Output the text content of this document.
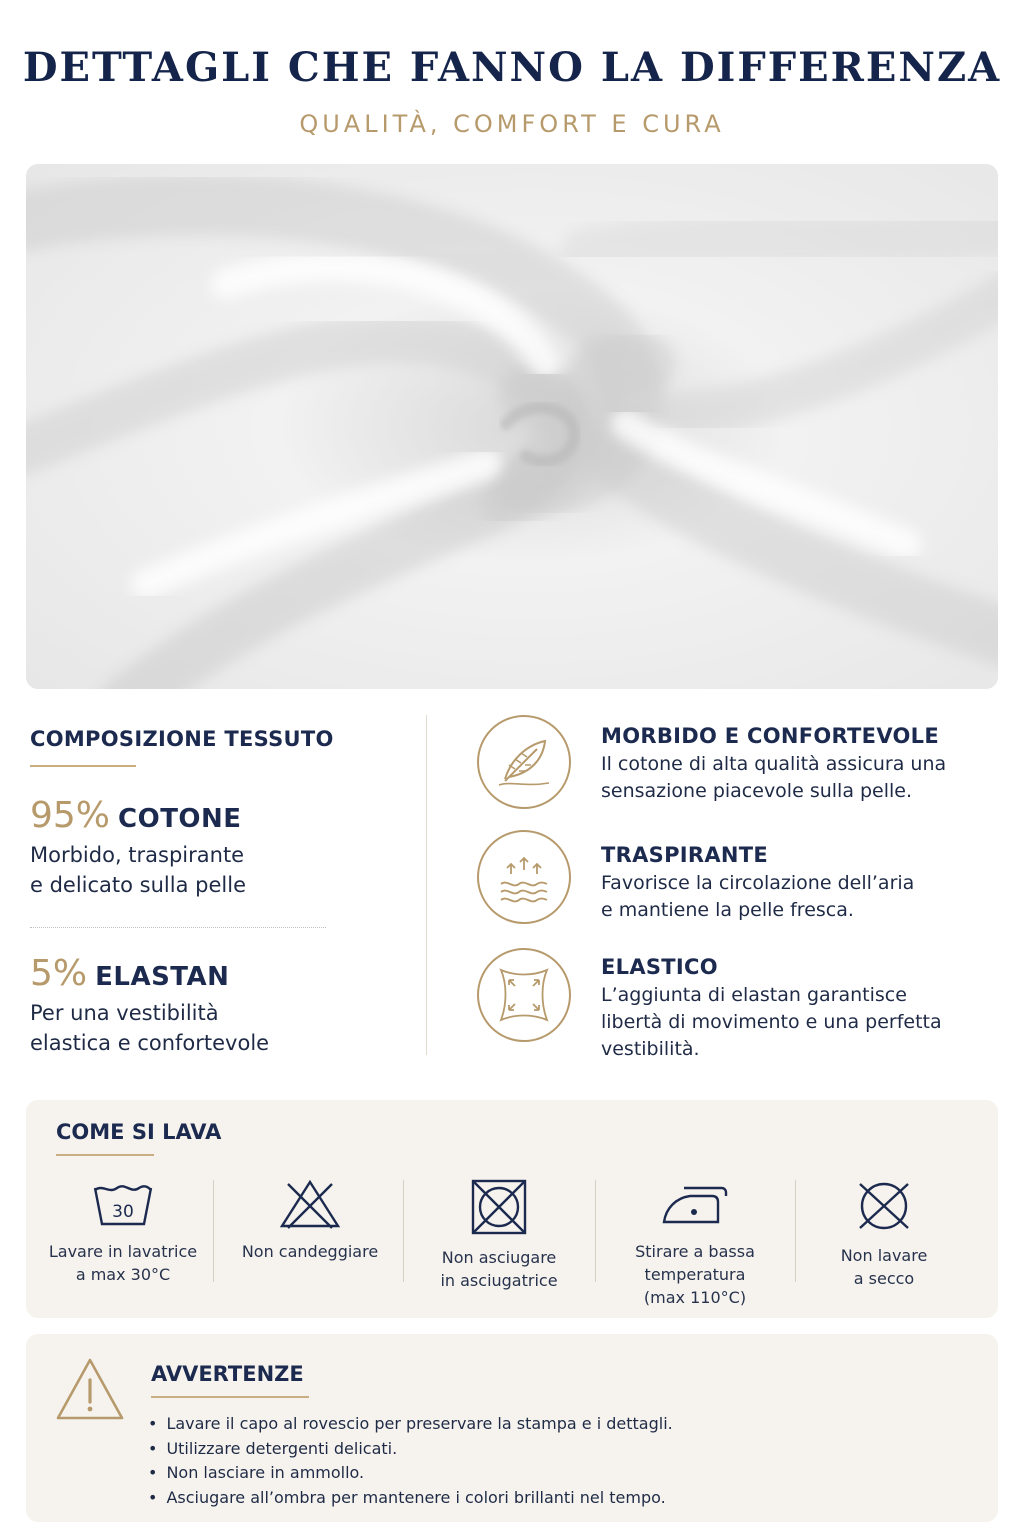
DETTAGLI CHE FANNO LA DIFFERENZA
QUALITÀ, COMFORT E CURA
COMPOSIZIONE TESSUTO
95% COTONE
Morbido, traspirante
e delicato sulla pelle
5% ELASTAN
Per una vestibilità
elastica e confortevole
MORBIDO E CONFORTEVOLE
Il cotone di alta qualità assicura una
sensazione piacevole sulla pelle.
TRASPIRANTE
Favorisce la circolazione dell’aria
e mantiene la pelle fresca.
ELASTICO
L’aggiunta di elastan garantisce
libertà di movimento e una perfetta
vestibilità.
COME SI LAVA
30
Lavare in lavatrice
a max 30°C
Non candeggiare	Non asciugare
in asciugatrice
Stirare a bassa
temperatura
(max 110°C)
Non lavare
a secco
AVVERTENZE
• Lavare il capo al rovescio per preservare la stampa e i dettagli.
• Utilizzare detergenti delicati.
• Non lasciare in ammollo.
• Asciugare all’ombra per mantenere i colori brillanti nel tempo.
